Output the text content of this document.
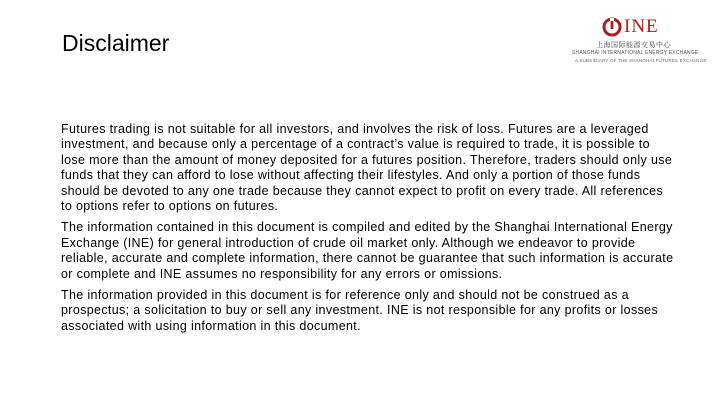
Disclaimer
INE
上海国际能源交易中心
SHANGHAI INTERNATIONAL ENERGY EXCHANGE
A SUBSIDIARY OF THE SHANGHAI FUTURES EXCHANGE

Futures trading is not suitable for all investors, and involves the risk of loss. Futures are a leveraged investment, and because only a percentage of a contract’s value is required to trade, it is possible to lose more than the amount of money deposited for a futures position. Therefore, traders should only use funds that they can afford to lose without affecting their lifestyles. And only a portion of those funds should be devoted to any one trade because they cannot expect to profit on every trade. All references to options refer to options on futures.

The information contained in this document is compiled and edited by the Shanghai International Energy Exchange (INE) for general introduction of crude oil market only. Although we endeavor to provide reliable, accurate and complete information, there cannot be guarantee that such information is accurate or complete and INE assumes no responsibility for any errors or omissions.

The information provided in this document is for reference only and should not be construed as a prospectus; a solicitation to buy or sell any investment. INE is not responsible for any profits or losses associated with using information in this document.
